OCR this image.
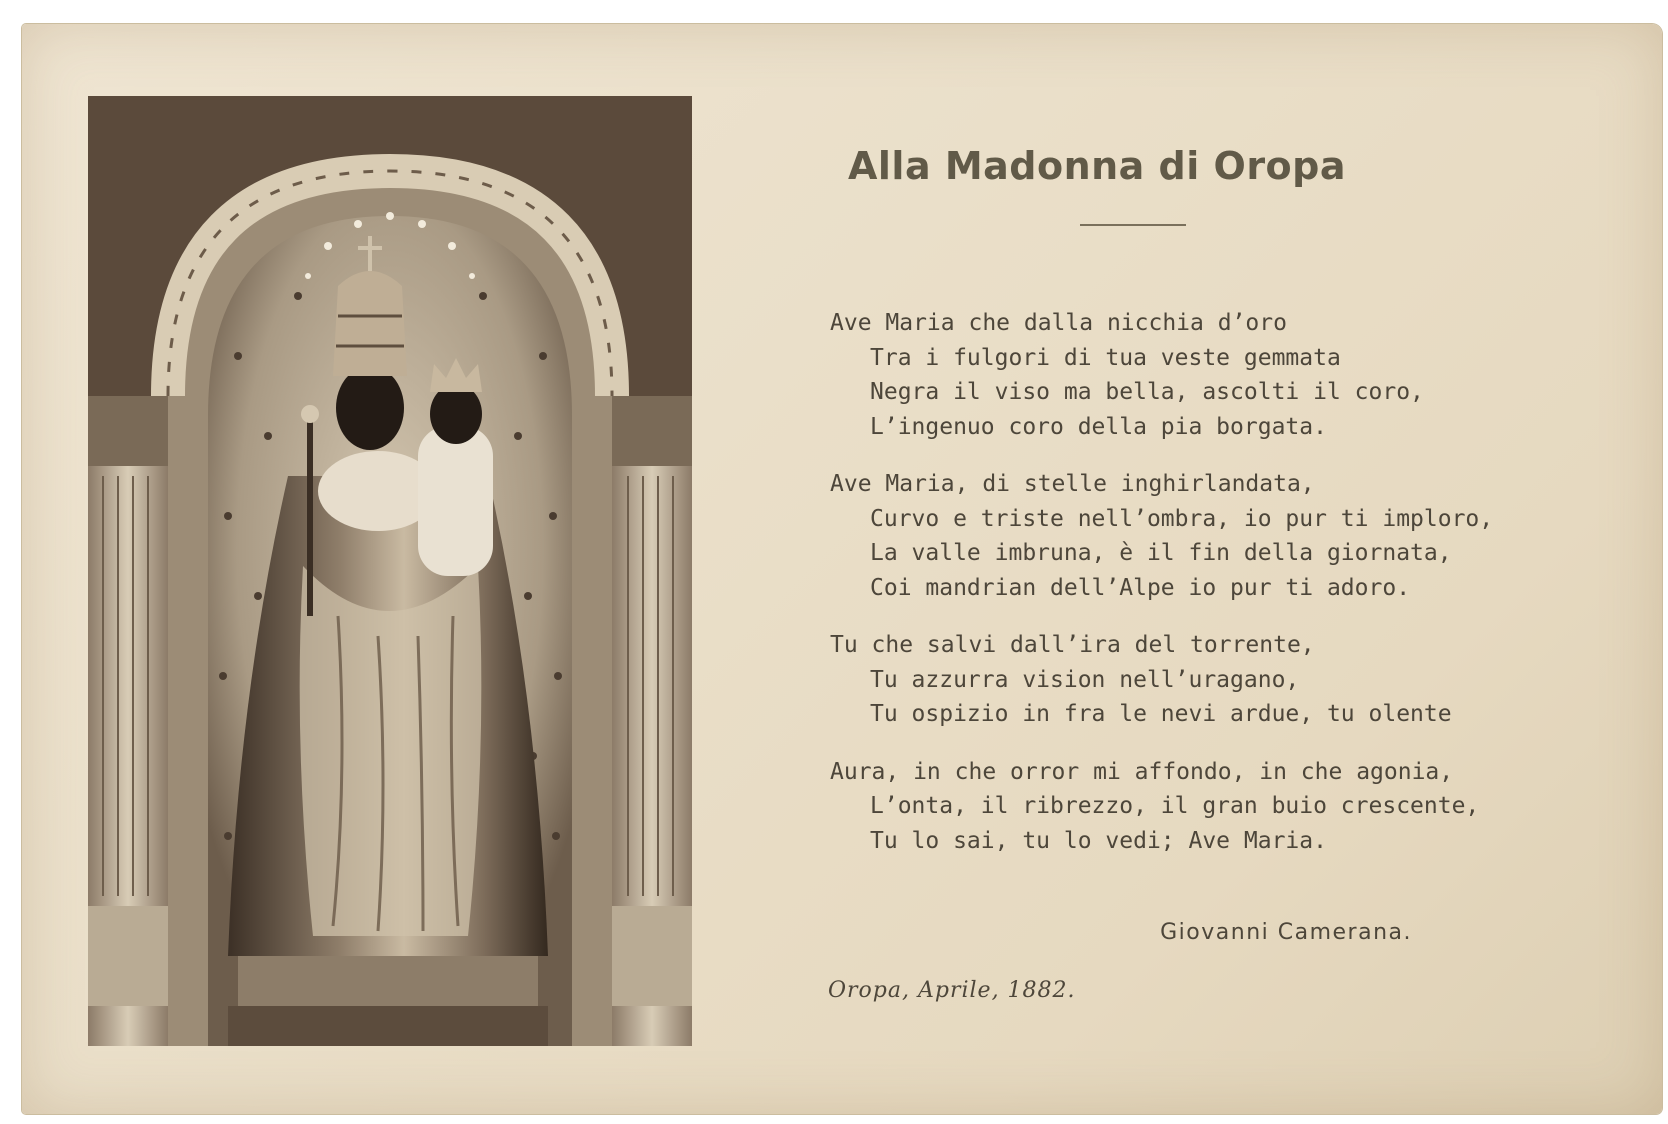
Alla Madonna di Oropa
Ave Maria che dalla nicchia d’oro
Tra i fulgori di tua veste gemmata
Negra il viso ma bella, ascolti il coro,
L’ingenuo coro della pia borgata.
Ave Maria, di stelle inghirlandata,
Curvo e triste nell’ombra, io pur ti imploro,
La valle imbruna, è il fin della giornata,
Coi mandrian dell’Alpe io pur ti adoro.
Tu che salvi dall’ira del torrente,
Tu azzurra vision nell’uragano,
Tu ospizio in fra le nevi ardue, tu olente
Aura, in che orror mi affondo, in che agonia,
L’onta, il ribrezzo, il gran buio crescente,
Tu lo sai, tu lo vedi; Ave Maria.
Giovanni Camerana.
Oropa, Aprile, 1882.
